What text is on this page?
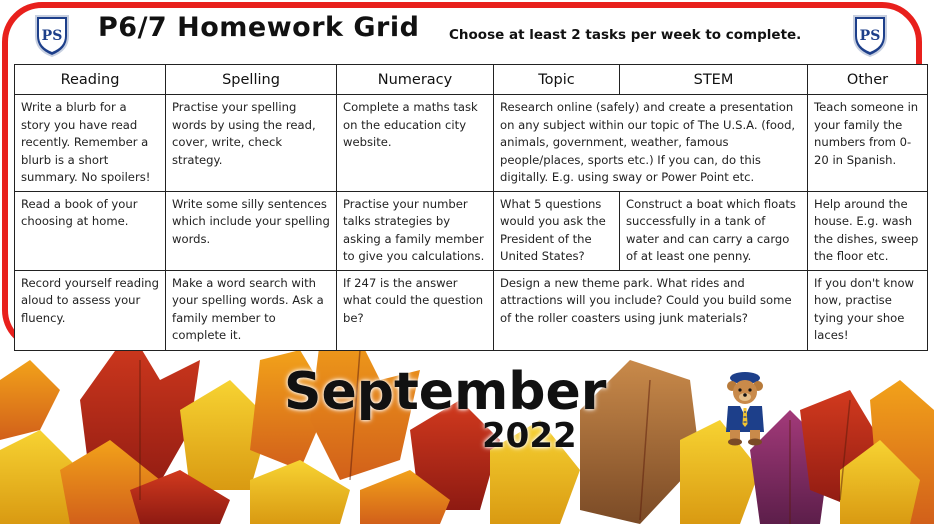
PS	PS
P6/7 Homework Grid Choose at least 2 tasks per week to complete.
Reading	Spelling	Numeracy	Topic	STEM	Other
Write a blurb for a story you have read recently. Remember a blurb is a short summary. No spoilers!	Practise your spelling words by using the read, cover, write, check strategy.	Complete a maths task on the education city website.	Research online (safely) and create a presentation on any subject within our topic of The U.S.A. (food, animals, government, weather, famous people/places, sports etc.) If you can, do this digitally. E.g. using sway or Power Point etc.		Teach someone in your family the numbers from 0-20 in Spanish.
Read a book of your choosing at home.	Write some silly sentences which include your spelling words.	Practise your number talks strategies by asking a family member to give you calculations.	What 5 questions would you ask the President of the United States?	Construct a boat which floats successfully in a tank of water and can carry a cargo of at least one penny.	Help around the house. E.g. wash the dishes, sweep the floor etc.
Record yourself reading aloud to assess your fluency.	Make a word search with your spelling words. Ask a family member to complete it.	If 247 is the answer what could the question be?	Design a new theme park. What rides and attractions will you include? Could you build some of the roller coasters using junk materials?		If you don't know how, practise tying your shoe laces!
September
2022
